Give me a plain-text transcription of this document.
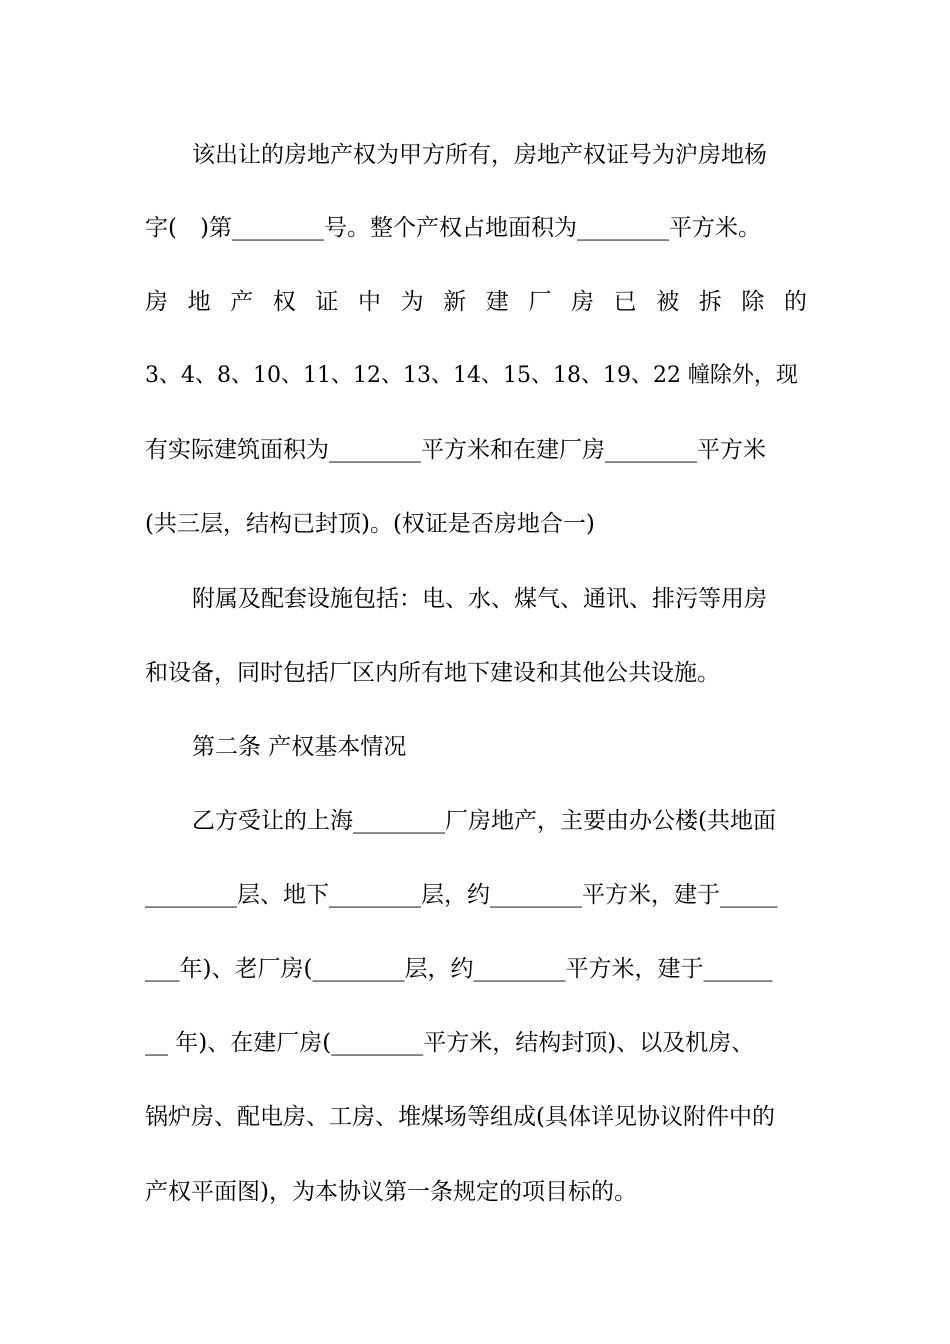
该出让的房地产权为甲方所有，房地产权证号为沪房地杨
字(　)第________号。整个产权占地面积为________平方米。
房 地 产 权 证 中 为 新 建 厂 房 已 被 拆 除 的
3、4、8、10、11、12、13、14、15、18、19、22 幢除外，现
有实际建筑面积为________平方米和在建厂房________平方米
(共三层，结构已封顶)。(权证是否房地合一)
附属及配套设施包括：电、水、煤气、通讯、排污等用房
和设备，同时包括厂区内所有地下建设和其他公共设施。
第二条 产权基本情况
乙方受让的上海________厂房地产，主要由办公楼(共地面
________层、地下________层，约________平方米，建于_____
___年)、老厂房(________层，约________平方米，建于______
__ 年)、在建厂房(________平方米，结构封顶)、以及机房、
锅炉房、配电房、工房、堆煤场等组成(具体详见协议附件中的
产权平面图)，为本协议第一条规定的项目标的。
